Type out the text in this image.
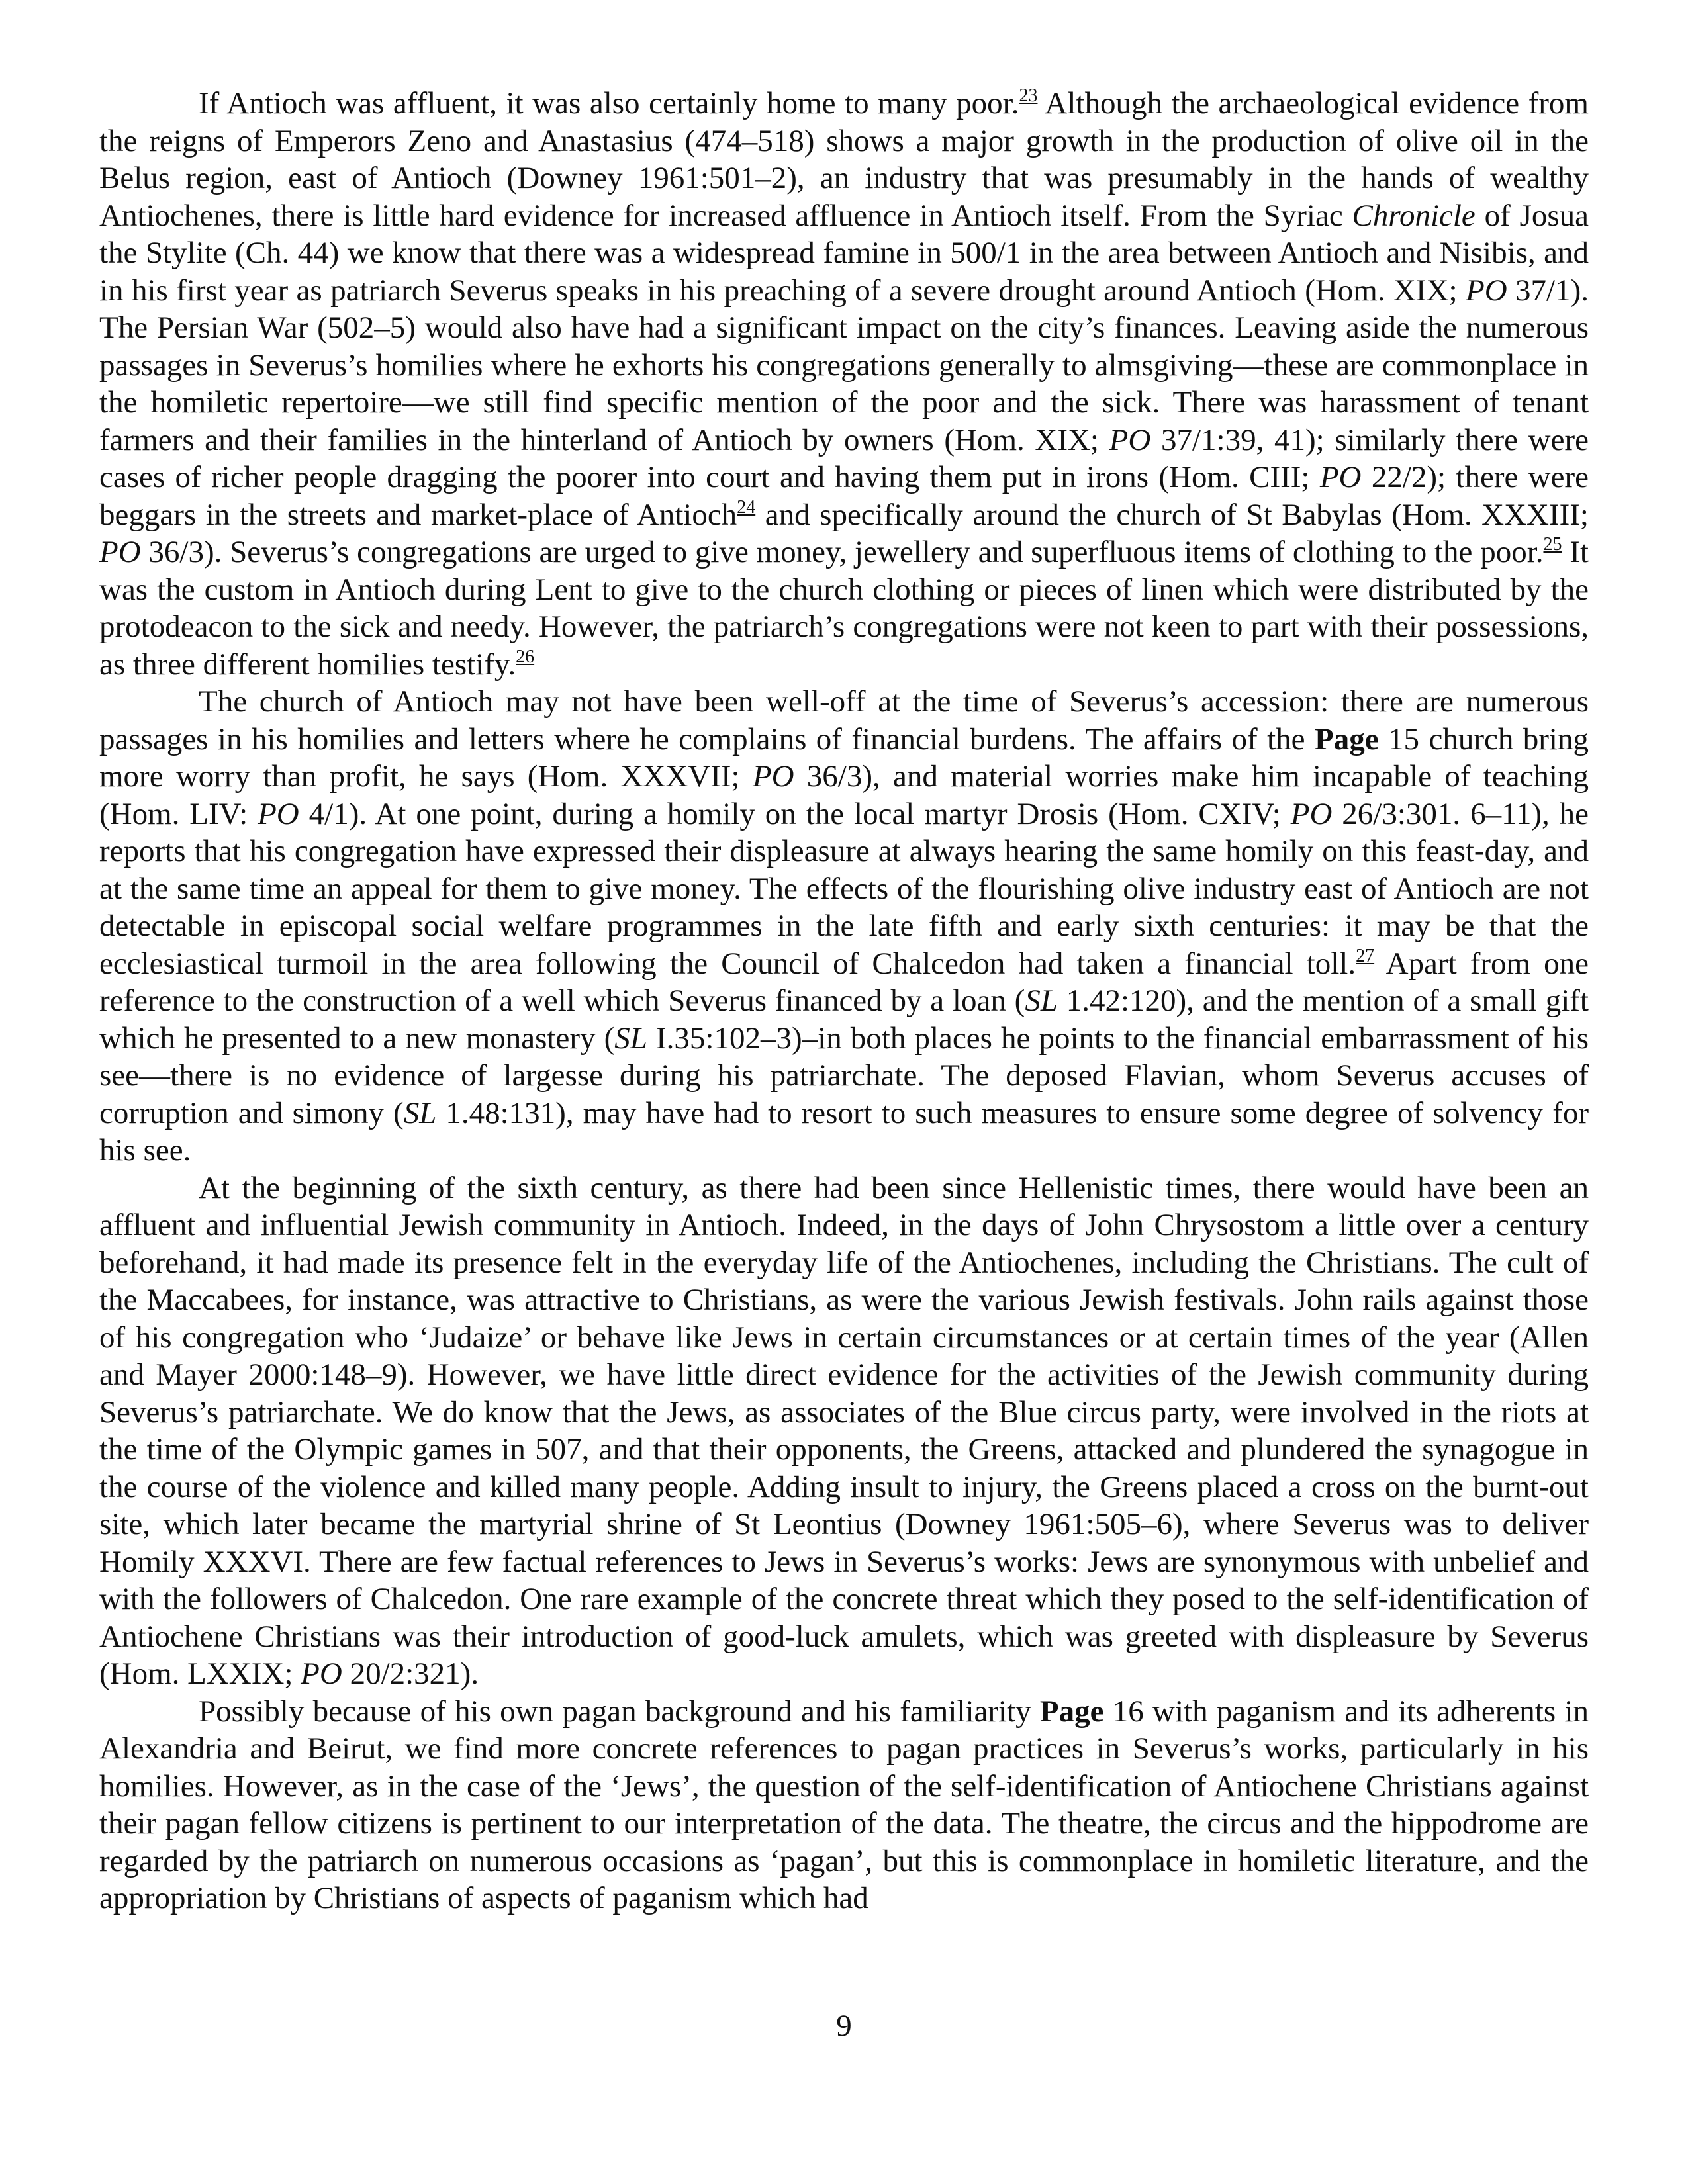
If Antioch was affluent, it was also certainly home to many poor.$^{23}$ Although the archaeological evidence from the reigns of Emperors Zeno and Anastasius (474–518) shows a major growth in the production of olive oil in the Belus region, east of Antioch (Downey 1961:501–2), an industry that was presumably in the hands of wealthy Antiochenes, there is little hard evidence for increased affluence in Antioch itself. From the Syriac Chronicle of Josua the Stylite (Ch. 44) we know that there was a widespread famine in 500/1 in the area between Antioch and Nisibis, and in his first year as patriarch Severus speaks in his preaching of a severe drought around Antioch (Hom. XIX; PO 37/1). The Persian War (502–5) would also have had a significant impact on the city’s finances. Leaving aside the numerous passages in Severus’s homilies where he exhorts his congregations generally to almsgiving—these are commonplace in the homiletic repertoire—we still find specific mention of the poor and the sick. There was harassment of tenant farmers and their families in the hinterland of Antioch by owners (Hom. XIX; PO 37/1:39, 41); similarly there were cases of richer people dragging the poorer into court and having them put in irons (Hom. CIII; PO 22/2); there were beggars in the streets and market-place of Antioch$^{24}$ and specifically around the church of St Babylas (Hom. XXXIII; PO 36/3). Severus’s congregations are urged to give money, jewellery and superfluous items of clothing to the poor.$^{25}$ It was the custom in Antioch during Lent to give to the church clothing or pieces of linen which were distributed by the protodeacon to the sick and needy. However, the patriarch’s congregations were not keen to part with their possessions, as three different homilies testify.$^{26}$

The church of Antioch may not have been well-off at the time of Severus’s accession: there are numerous passages in his homilies and letters where he complains of financial burdens. The affairs of the Page 15 church bring more worry than profit, he says (Hom. XXXVII; PO 36/3), and material worries make him incapable of teaching (Hom. LIV: PO 4/1). At one point, during a homily on the local martyr Drosis (Hom. CXIV; PO 26/3:301. 6–11), he reports that his congregation have expressed their displeasure at always hearing the same homily on this feast-day, and at the same time an appeal for them to give money. The effects of the flourishing olive industry east of Antioch are not detectable in episcopal social welfare programmes in the late fifth and early sixth centuries: it may be that the ecclesiastical turmoil in the area following the Council of Chalcedon had taken a financial toll.$^{27}$ Apart from one reference to the construction of a well which Severus financed by a loan (SL 1.42:120), and the mention of a small gift which he presented to a new monastery (SL I.35:102–3)–in both places he points to the financial embarrassment of his see—there is no evidence of largesse during his patriarchate. The deposed Flavian, whom Severus accuses of corruption and simony (SL 1.48:131), may have had to resort to such measures to ensure some degree of solvency for his see.

At the beginning of the sixth century, as there had been since Hellenistic times, there would have been an affluent and influential Jewish community in Antioch. Indeed, in the days of John Chrysostom a little over a century beforehand, it had made its presence felt in the everyday life of the Antiochenes, including the Christians. The cult of the Maccabees, for instance, was attractive to Christians, as were the various Jewish festivals. John rails against those of his congregation who ‘Judaize’ or behave like Jews in certain circumstances or at certain times of the year (Allen and Mayer 2000:148–9). However, we have little direct evidence for the activities of the Jewish community during Severus’s patriarchate. We do know that the Jews, as associates of the Blue circus party, were involved in the riots at the time of the Olympic games in 507, and that their opponents, the Greens, attacked and plundered the synagogue in the course of the violence and killed many people. Adding insult to injury, the Greens placed a cross on the burnt-out site, which later became the martyrial shrine of St Leontius (Downey 1961:505–6), where Severus was to deliver Homily XXXVI. There are few factual references to Jews in Severus’s works: Jews are synonymous with unbelief and with the followers of Chalcedon. One rare example of the concrete threat which they posed to the self-identification of Antiochene Christians was their introduction of good-luck amulets, which was greeted with displeasure by Severus (Hom. LXXIX; PO 20/2:321).

Possibly because of his own pagan background and his familiarity Page 16 with paganism and its adherents in Alexandria and Beirut, we find more concrete references to pagan practices in Severus’s works, particularly in his homilies. However, as in the case of the ‘Jews’, the question of the self-identification of Antiochene Christians against their pagan fellow citizens is pertinent to our interpretation of the data. The theatre, the circus and the hippodrome are regarded by the patriarch on numerous occasions as ‘pagan’, but this is commonplace in homiletic literature, and the appropriation by Christians of aspects of paganism which had

9
